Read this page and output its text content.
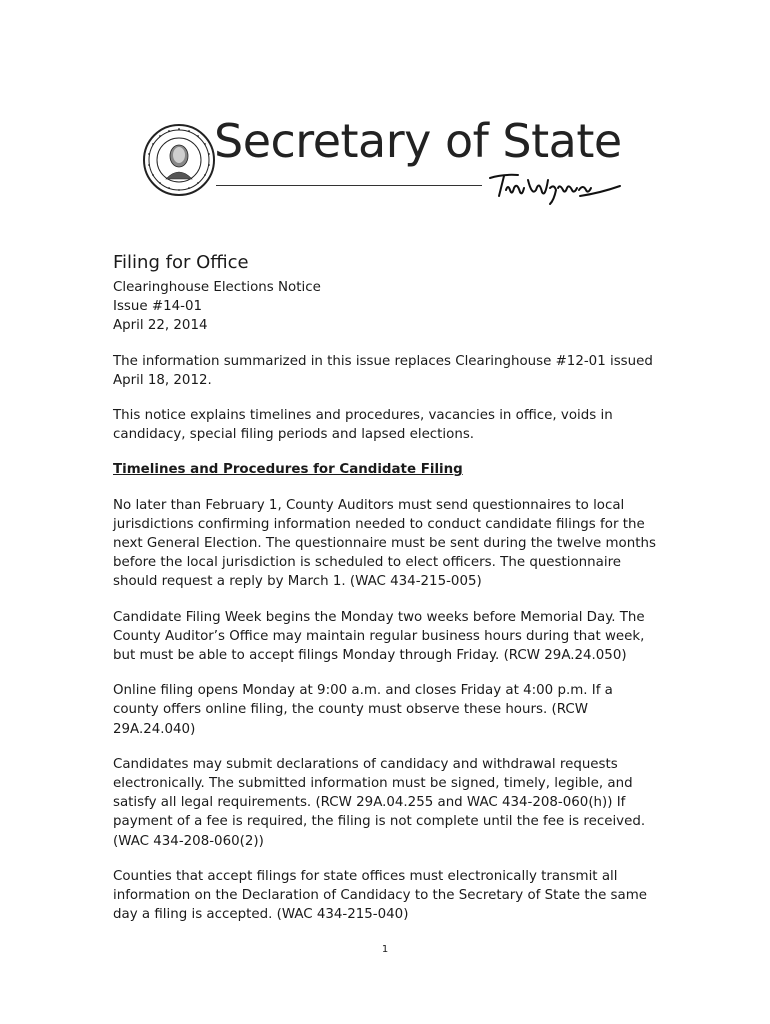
Secretary of State
Filing for Office

Clearinghouse Elections Notice

Issue #14-01

April 22, 2014

The information summarized in this issue replaces Clearinghouse #12-01 issued April 18, 2012.

This notice explains timelines and procedures, vacancies in office, voids in candidacy, special filing periods and lapsed elections.

Timelines and Procedures for Candidate Filing

No later than February 1, County Auditors must send questionnaires to local jurisdictions confirming information needed to conduct candidate filings for the next General Election. The questionnaire must be sent during the twelve months before the local jurisdiction is scheduled to elect officers. The questionnaire should request a reply by March 1. (WAC 434-215-005)

Candidate Filing Week begins the Monday two weeks before Memorial Day. The County Auditor’s Office may maintain regular business hours during that week, but must be able to accept filings Monday through Friday. (RCW 29A.24.050)

Online filing opens Monday at 9:00 a.m. and closes Friday at 4:00 p.m. If a county offers online filing, the county must observe these hours. (RCW 29A.24.040)

Candidates may submit declarations of candidacy and withdrawal requests electronically. The submitted information must be signed, timely, legible, and satisfy all legal requirements. (RCW 29A.04.255 and WAC 434-208-060(h)) If payment of a fee is required, the filing is not complete until the fee is received. (WAC 434-208-060(2))

Counties that accept filings for state offices must electronically transmit all information on the Declaration of Candidacy to the Secretary of State the same day a filing is accepted. (WAC 434-215-040)

1
